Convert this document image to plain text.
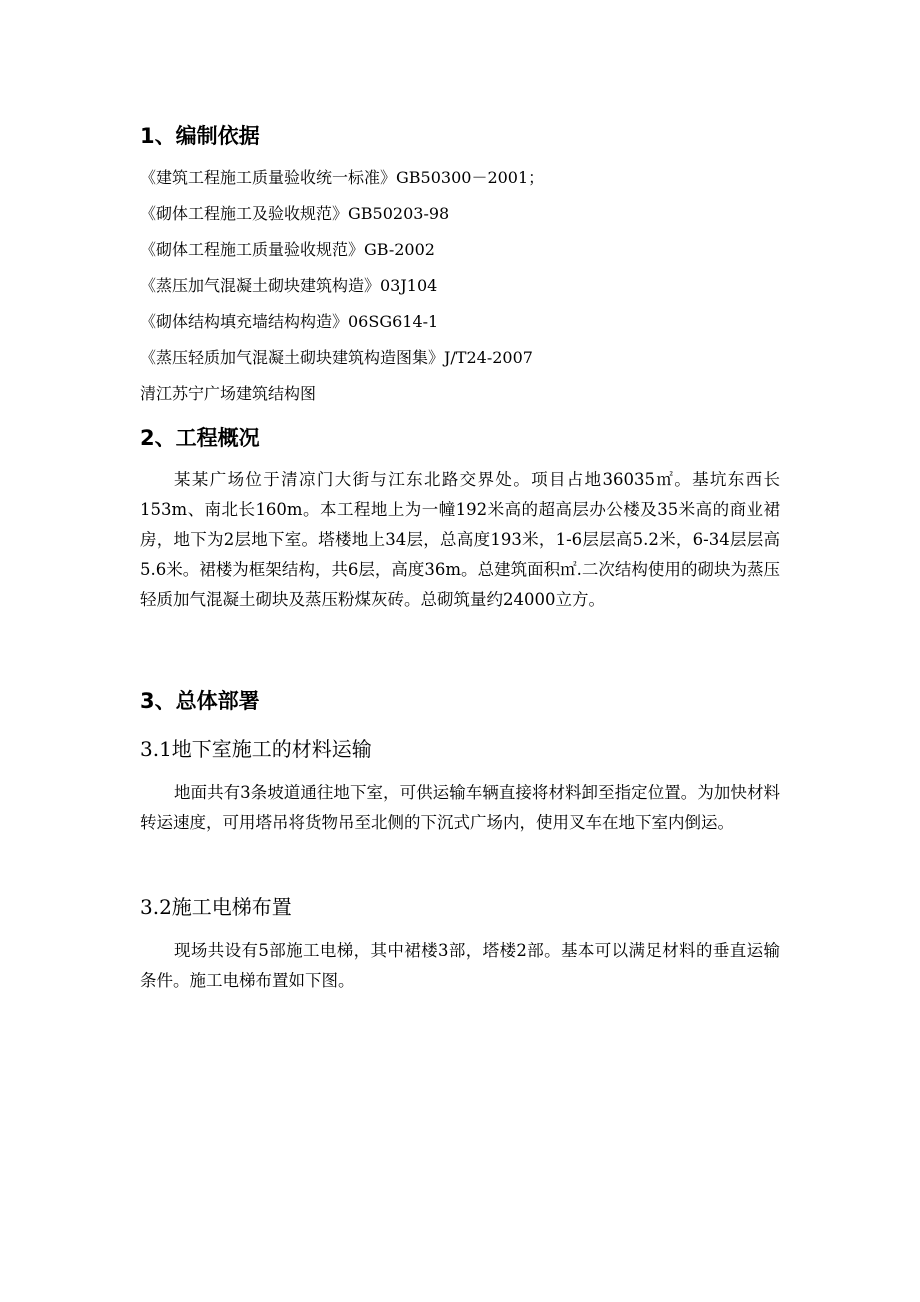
1、编制依据
《建筑工程施工质量验收统一标准》GB50300－2001；
《砌体工程施工及验收规范》GB50203-98
《砌体工程施工质量验收规范》GB-2002
《蒸压加气混凝土砌块建筑构造》03J104
《砌体结构填充墙结构构造》06SG614-1
《蒸压轻质加气混凝土砌块建筑构造图集》J/T24-2007
清江苏宁广场建筑结构图
2、工程概况
某某广场位于清凉门大街与江东北路交界处。项目占地36035㎡。基坑东西长153m、南北长160m。本工程地上为一幢192米高的超高层办公楼及35米高的商业裙房，地下为2层地下室。塔楼地上34层，总高度193米，1-6层层高5.2米，6-34层层高5.6米。裙楼为框架结构，共6层，高度36m。总建筑面积㎡.二次结构使用的砌块为蒸压轻质加气混凝土砌块及蒸压粉煤灰砖。总砌筑量约24000立方。
3、总体部署
3.1地下室施工的材料运输
地面共有3条坡道通往地下室，可供运输车辆直接将材料卸至指定位置。为加快材料转运速度，可用塔吊将货物吊至北侧的下沉式广场内，使用叉车在地下室内倒运。
3.2施工电梯布置
现场共设有5部施工电梯，其中裙楼3部，塔楼2部。基本可以满足材料的垂直运输条件。施工电梯布置如下图。
